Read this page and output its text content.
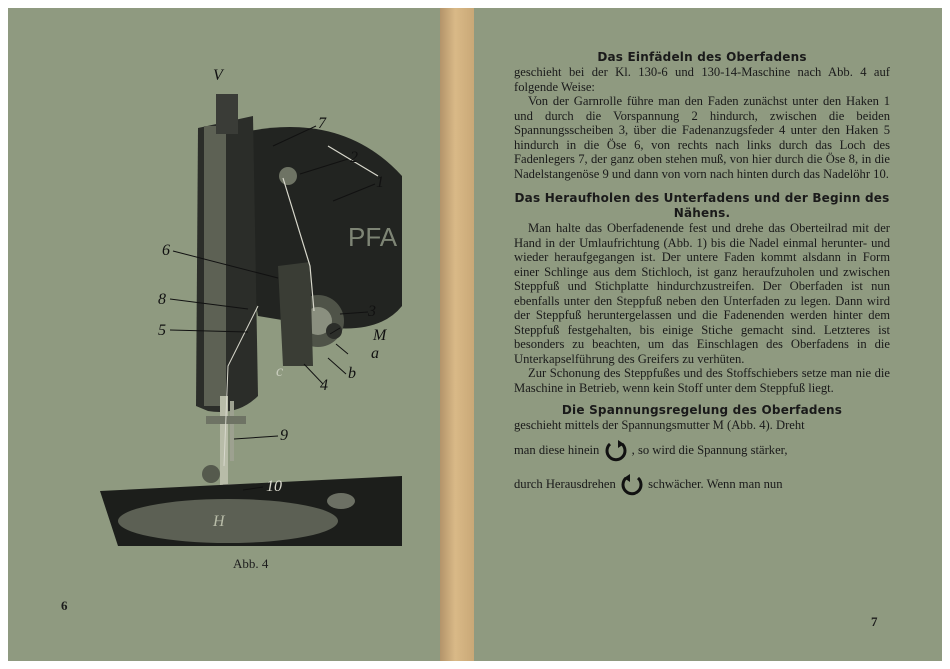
PFA
V
7
2
1
6
8
5
3
M
a
b
c
4
9
10
H
Abb. 4
6

Das Einfädeln des Oberfadens

geschieht bei der Kl. 130-6 und 130-14-Maschine nach Abb. 4 auf folgende Weise:

Von der Garnrolle führe man den Faden zunächst unter den Haken 1 und durch die Vorspannung 2 hindurch, zwischen die beiden Spannungsscheiben 3, über die Fadenanzugsfeder 4 unter den Haken 5 hindurch in die Öse 6, von rechts nach links durch das Loch des Fadenlegers 7, der ganz oben stehen muß, von hier durch die Öse 8, in die Nadelstangenöse 9 und dann von vorn nach hinten durch das Nadelöhr 10.

Das Heraufholen des Unterfadens und der Beginn des Nähens.

Man halte das Oberfadenende fest und drehe das Oberteilrad mit der Hand in der Umlaufrichtung (Abb. 1) bis die Nadel einmal herunter- und wieder heraufgegangen ist. Der untere Faden kommt alsdann in Form einer Schlinge aus dem Stichloch, ist ganz heraufzuholen und zwischen Steppfuß und Stichplatte hindurchzustreifen. Der Oberfaden ist nun ebenfalls unter den Steppfuß neben den Unterfaden zu legen. Dann wird der Steppfuß heruntergelassen und die Fadenenden werden hinter dem Steppfuß festgehalten, bis einige Stiche gemacht sind. Letzteres ist besonders zu beachten, um das Einschlagen des Oberfadens in die Unterkapselführung des Greifers zu verhüten.

Zur Schonung des Steppfußes und des Stoffschiebers setze man nie die Maschine in Betrieb, wenn kein Stoff unter dem Steppfuß liegt.

Die Spannungsregelung des Oberfadens

geschieht mittels der Spannungsmutter M (Abb. 4). Dreht

man diese hinein	, so wird die Spannung stärker,

durch Herausdrehen	schwächer. Wenn man nun

7
